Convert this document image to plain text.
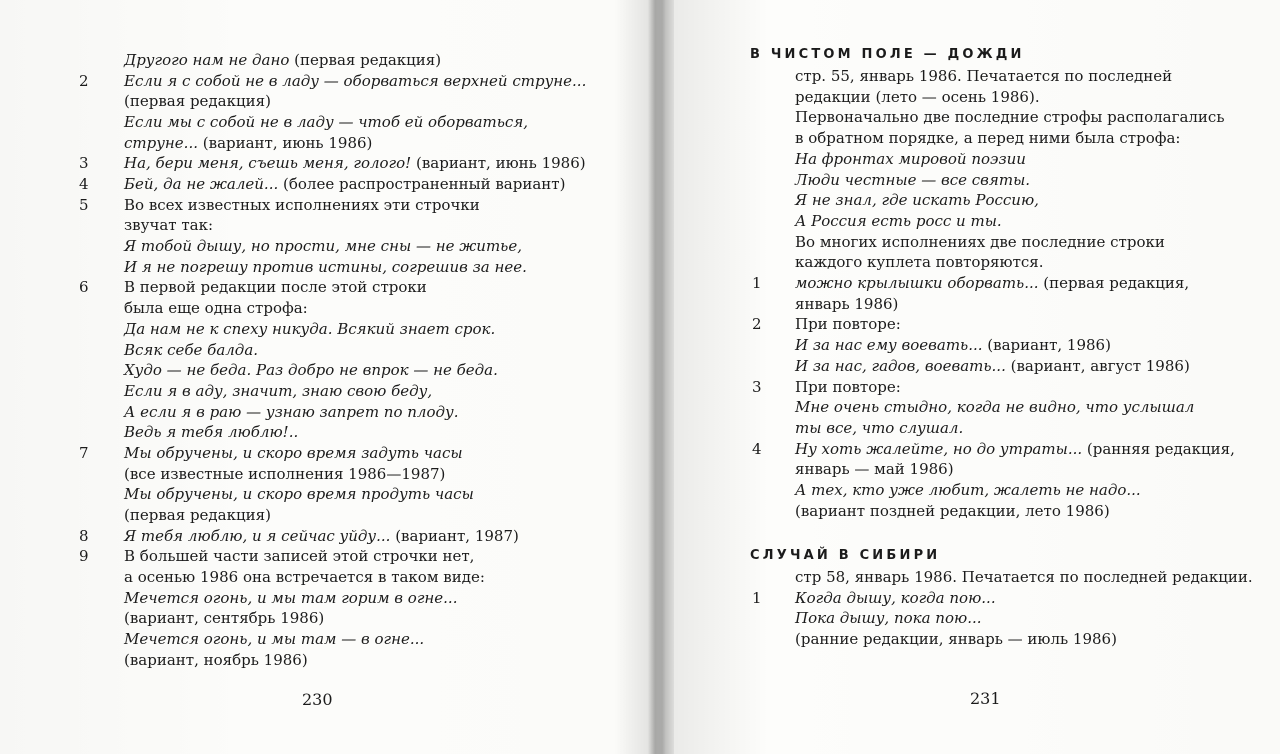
Другого нам не дано (первая редакция)
Если я с собой не в ладу — оборваться верхней струне...
2
(первая редакция)
Если мы с собой не в ладу — чтоб ей оборваться,
струне... (вариант, июнь 1986)
На, бери меня, съешь меня, гологo! (вариант, июнь 1986)
3
Бей, да не жалей... (более распространенный вариант)
4
Во всех известных исполнениях эти строчки
5
звучат так:
Я тобой дышу, но прости, мне сны — не житье,
И я не погрешу против истины, согрешив за нее.
В первой редакции после этой строки
6
была еще одна строфа:
Да нам не к спеху никуда. Всякий знает срок.
Всяк себе балда.
Худо — не беда. Раз добро не впрок — не беда.
Если я в аду, значит, знаю свою беду,
А если я в раю — узнаю запрет по плоду.
Ведь я тебя люблю!..
Мы обручены, и скоро время задуть часы
7
(все известные исполнения 1986—1987)
Мы обручены, и скоро время продуть часы
(первая редакция)
Я тебя люблю, и я сейчас уйду... (вариант, 1987)
8
В большей части записей этой строчки нет,
9
а осенью 1986 она встречается в таком виде:
Мечется огонь, и мы там горим в огне...
(вариант, сентябрь 1986)
Мечется огонь, и мы там — в огне...
(вариант, ноябрь 1986)
230
В ЧИСТОМ ПОЛЕ — ДОЖДИ
стр. 55, январь 1986. Печатается по последней
редакции (лето — осень 1986).
Первоначально две последние строфы располагались
в обратном порядке, а перед ними была строфа:
На фронтах мировой поэзии
Люди честные — все святы.
Я не знал, где искать Россию,
А Россия есть росс и ты.
Во многих исполнениях две последние строки
каждого куплета повторяются.
можно крылышки оборвать... (первая редакция,
1
январь 1986)
При повторе:
2
И за нас ему воевать... (вариант, 1986)
И за нас, гадов, воевать... (вариант, август 1986)
При повторе:
3
Мне очень стыдно, когда не видно, что услышал
ты все, что слушал.
Ну хоть жалейте, но до утраты... (ранняя редакция,
4
январь — май 1986)
А тех, кто уже любит, жалеть не надо...
(вариант поздней редакции, лето 1986)
СЛУЧАЙ В СИБИРИ
стр 58, январь 1986. Печатается по последней редакции.
Когда дышу, когда пою...
1
Пока дышу, пока пою...
(ранние редакции, январь — июль 1986)
231
